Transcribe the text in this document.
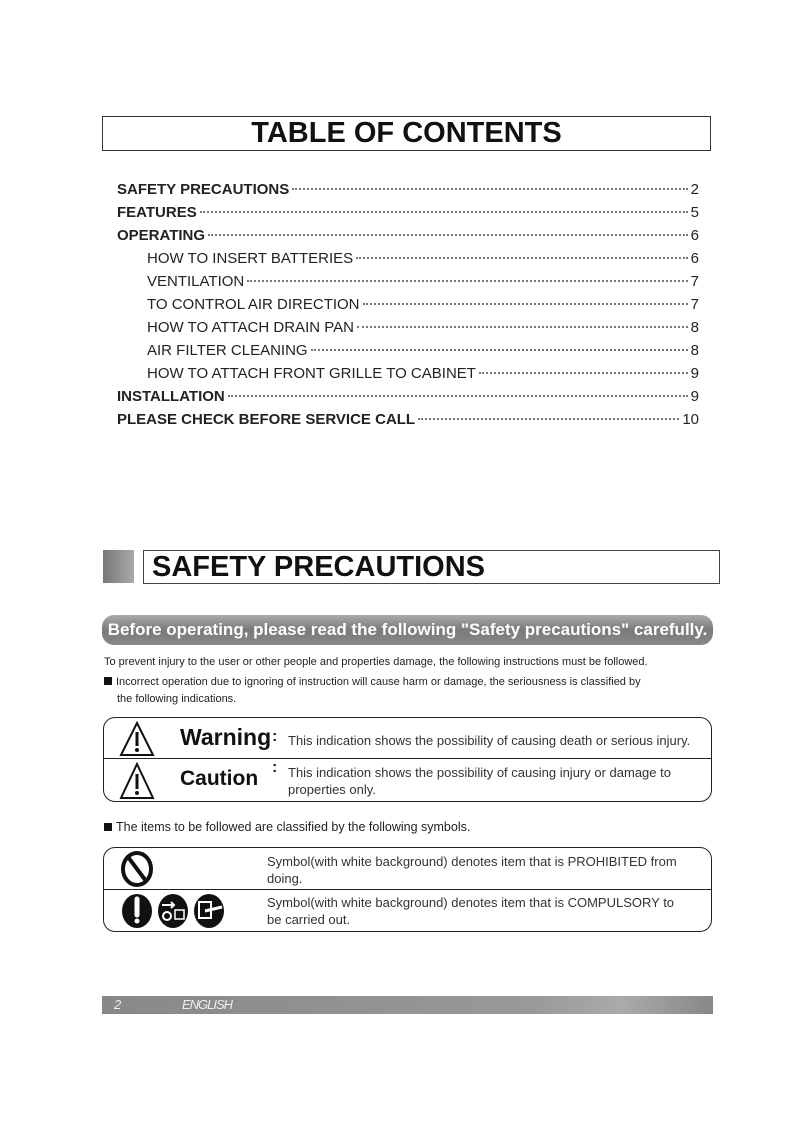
TABLE OF CONTENTS
SAFETY PRECAUTIONS	2
FEATURES	5
OPERATING	6
HOW TO INSERT BATTERIES	6
VENTILATION	7
TO CONTROL AIR DIRECTION	7
HOW TO ATTACH DRAIN PAN	8
AIR FILTER CLEANING	8
HOW TO ATTACH FRONT GRILLE TO CABINET	9
INSTALLATION	9
PLEASE CHECK BEFORE SERVICE CALL	10
SAFETY PRECAUTIONS
Before operating, please read the following "Safety precautions" carefully.
To prevent injury to the user or other people and properties damage, the following instructions must be followed.
Incorrect operation due to ignoring of instruction will cause harm or damage, the seriousness is classified by
the following indications.
Warning : This indication shows the possibility of causing death or serious injury.
Caution : This indication shows the possibility of causing injury or damage to
properties only.
The items to be followed are classified by the following symbols.
Symbol(with white background) denotes item that is PROHIBITED from
doing.
Symbol(with white background) denotes item that is COMPULSORY to
be carried out.
2	ENGLISH
